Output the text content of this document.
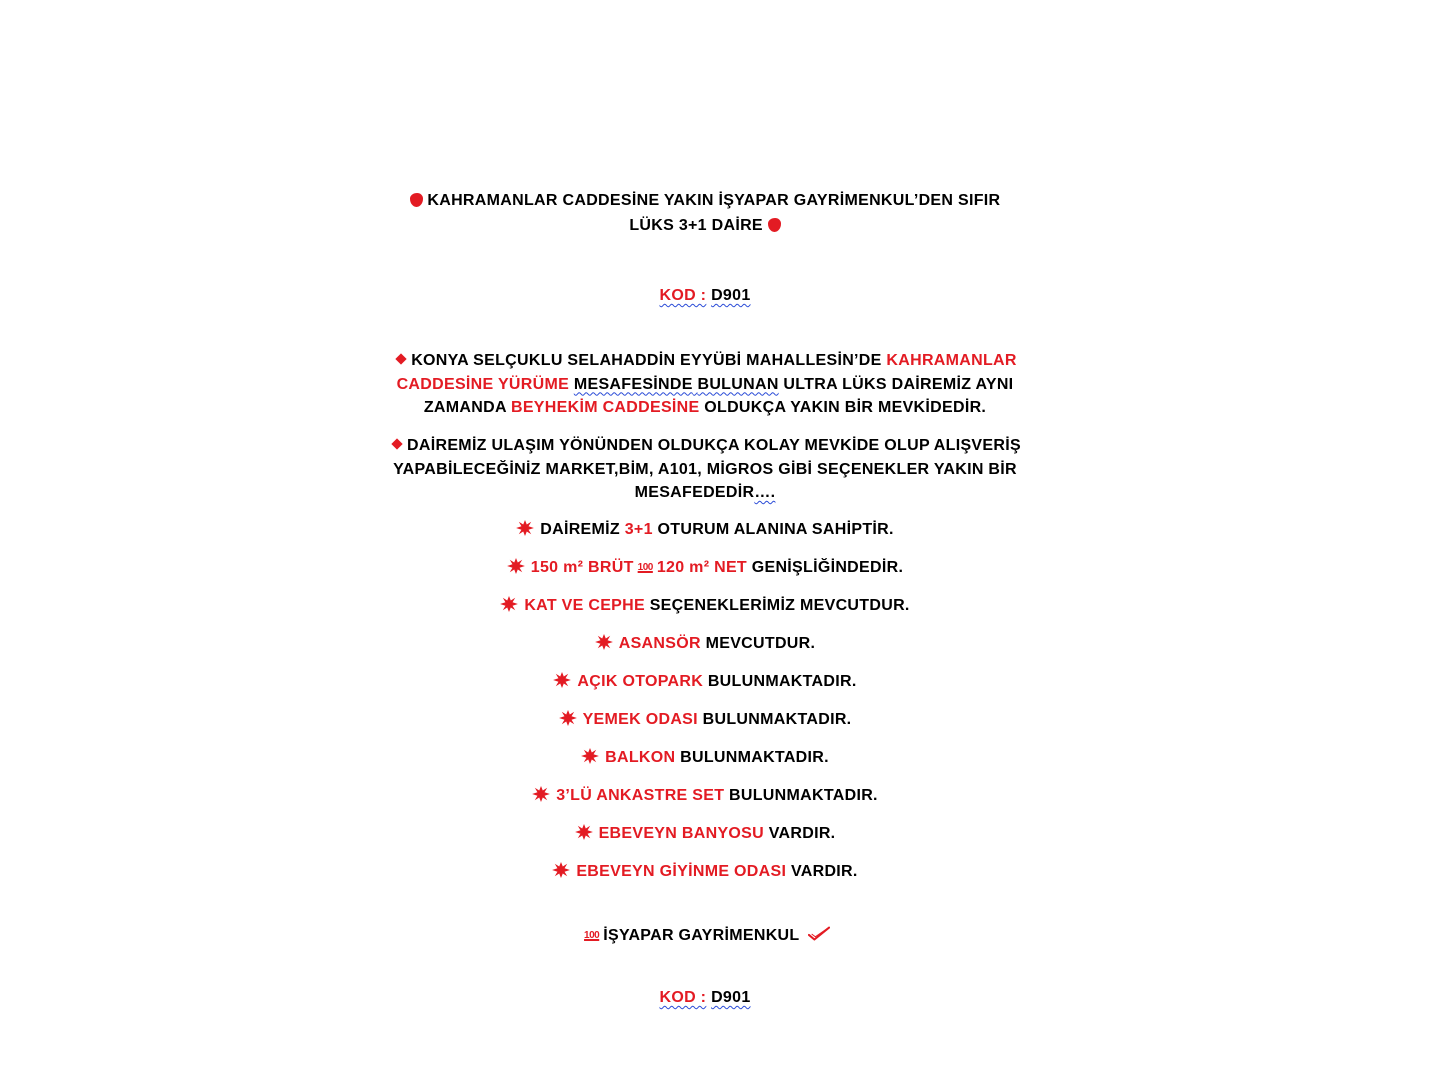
KAHRAMANLAR CADDESİNE YAKIN İŞYAPAR GAYRİMENKUL’DEN SIFIR
LÜKS 3+1 DAİRE
KOD : D901
KONYA SELÇUKLU SELAHADDİN EYYÜBİ MAHALLESİN’DE KAHRAMANLAR
CADDESİNE YÜRÜME MESAFESİNDE BULUNAN ULTRA LÜKS DAİREMİZ AYNI
ZAMANDA BEYHEKİM CADDESİNE OLDUKÇA YAKIN BİR MEVKİDEDİR.
DAİREMİZ ULAŞIM YÖNÜNDEN OLDUKÇA KOLAY MEVKİDE OLUP ALIŞVERİŞ
YAPABİLECEĞİNİZ MARKET,BİM, A101, MİGROS GİBİ SEÇENEKLER YAKIN BİR
MESAFEDEDİR….
DAİREMİZ 3+1 OTURUM ALANINA SAHİPTİR.
150 m² BRÜT 100 120 m² NET GENİŞLİĞİNDEDİR.
KAT VE CEPHE SEÇENEKLERİMİZ MEVCUTDUR.
ASANSÖR MEVCUTDUR.
AÇIK OTOPARK BULUNMAKTADIR.
YEMEK ODASI BULUNMAKTADIR.
BALKON BULUNMAKTADIR.
3’LÜ ANKASTRE SET BULUNMAKTADIR.
EBEVEYN BANYOSU VARDIR.
EBEVEYN GİYİNME ODASI VARDIR.
100 İŞYAPAR GAYRİMENKUL
KOD : D901
